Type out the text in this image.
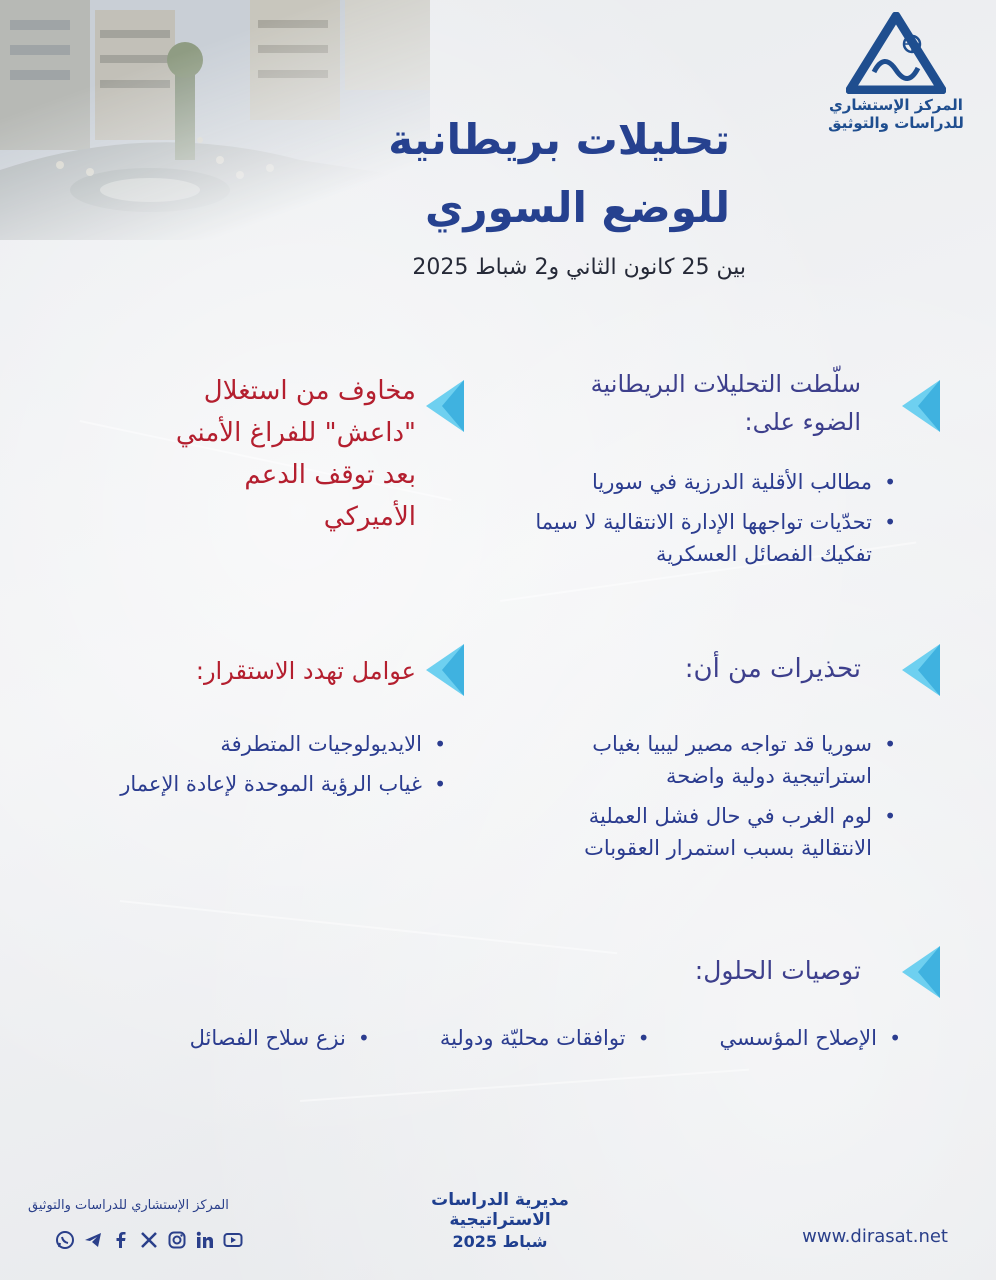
المركز الإستشاري
للدراسات والتوثيق
تحليلات بريطانية
للوضع السوري
بين 25 كانون الثاني و2 شباط 2025
سلّطت التحليلات البريطانية
الضوء على:
• مطالب الأقلية الدرزية في سوريا
• تحدّيات تواجهها الإدارة الانتقالية لا سيما تفكيك الفصائل العسكرية
مخاوف من استغلال
"داعش" للفراغ الأمني
بعد توقف الدعم
الأميركي
تحذيرات من أن:
• سوريا قد تواجه مصير ليبيا بغياب استراتيجية دولية واضحة
• لوم الغرب في حال فشل العملية الانتقالية بسبب استمرار العقوبات
عوامل تهدد الاستقرار:
• الايديولوجيات المتطرفة
• غياب الرؤية الموحدة لإعادة الإعمار
توصيات الحلول:
• الإصلاح المؤسسي
• توافقات محليّة ودولية
• نزع سلاح الفصائل
المركز الإستشاري للدراسات والتوثيق	مديرية الدراسات الاستراتيجية
شباط 2025	www.dirasat.net
